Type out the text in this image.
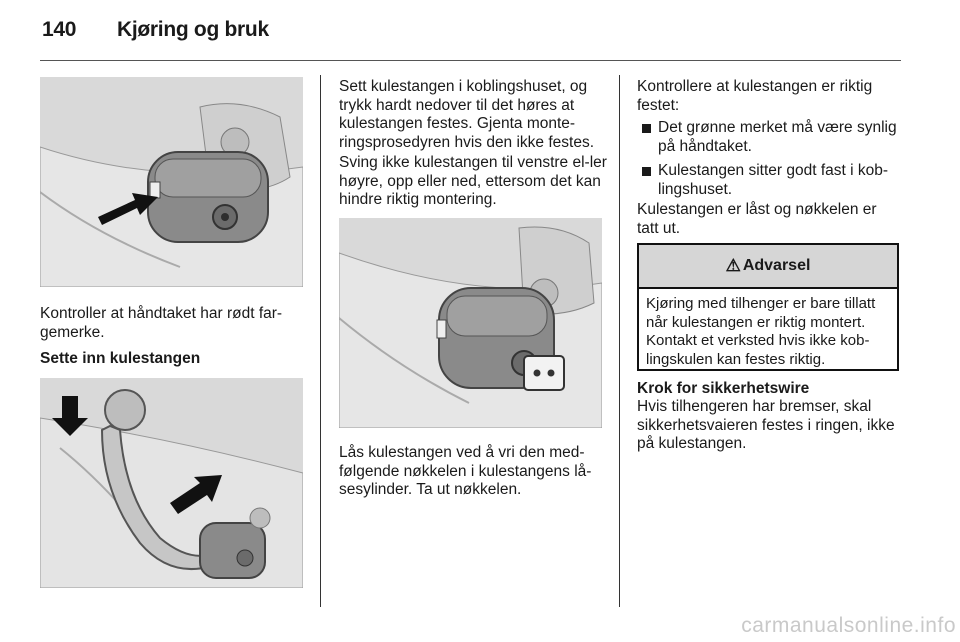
140 Kjøring og bruk
Kontroller at håndtaket har rødt far-gemerke.
Sette inn kulestangen
Sett kulestangen i koblingshuset, og trykk hardt nedover til det høres at kulestangen festes. Gjenta monte-ringsprosedyren hvis den ikke festes.
Sving ikke kulestangen til venstre el-ler høyre, opp eller ned, ettersom det kan hindre riktig montering.
Lås kulestangen ved å vri den med-følgende nøkkelen i kulestangens lå-sesylinder. Ta ut nøkkelen.
Kontrollere at kulestangen er riktig festet:
Det grønne merket må være synlig på håndtaket.
Kulestangen sitter godt fast i kob-lingshuset.
Kulestangen er låst og nøkkelen er tatt ut.
⚠ Advarsel
Kjøring med tilhenger er bare tillatt når kulestangen er riktig montert. Kontakt et verksted hvis ikke kob-lingskulen kan festes riktig.
Krok for sikkerhetswire
Hvis tilhengeren har bremser, skal sikkerhetsvaieren festes i ringen, ikke på kulestangen.
carmanualsonline.info
